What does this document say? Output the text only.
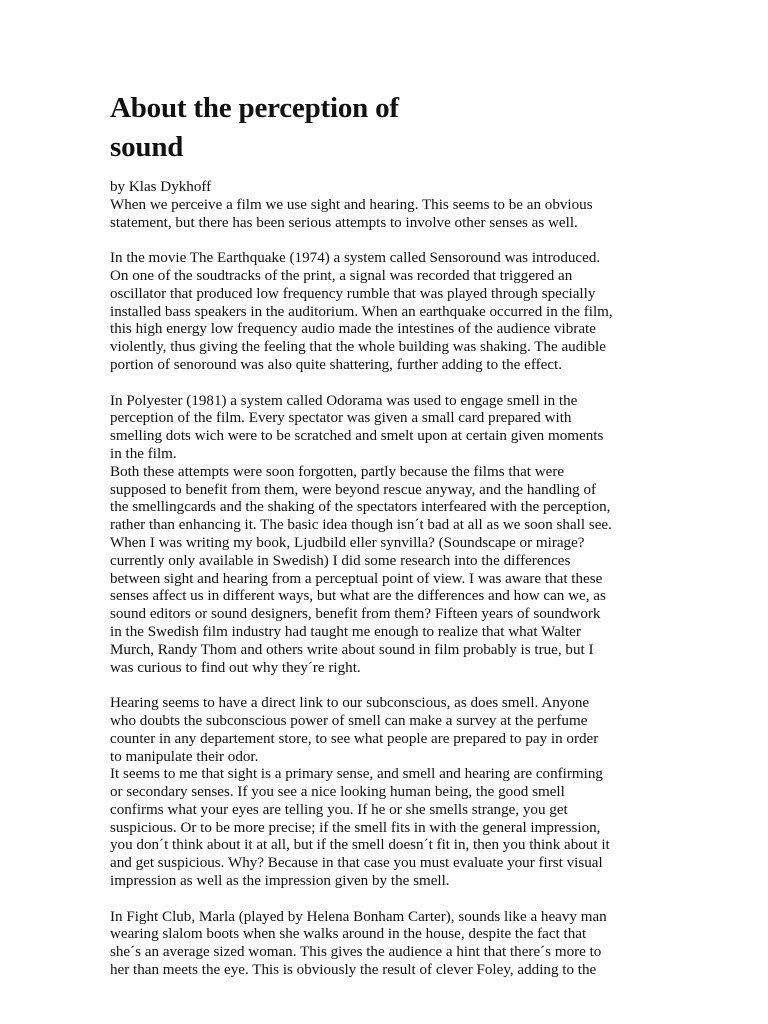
About the perception of
sound

by Klas Dykhoff

When we perceive a film we use sight and hearing. This seems to be an obvious
statement, but there has been serious attempts to involve other senses as well.

In the movie The Earthquake (1974) a system called Sensoround was introduced.
On one of the soudtracks of the print, a signal was recorded that triggered an
oscillator that produced low frequency rumble that was played through specially
installed bass speakers in the auditorium. When an earthquake occurred in the film,
this high energy low frequency audio made the intestines of the audience vibrate
violently, thus giving the feeling that the whole building was shaking. The audible
portion of senoround was also quite shattering, further adding to the effect.

In Polyester (1981) a system called Odorama was used to engage smell in the
perception of the film. Every spectator was given a small card prepared with
smelling dots wich were to be scratched and smelt upon at certain given moments
in the film.

Both these attempts were soon forgotten, partly because the films that were
supposed to benefit from them, were beyond rescue anyway, and the handling of
the smellingcards and the shaking of the spectators interfeared with the perception,
rather than enhancing it. The basic idea though isn´t bad at all as we soon shall see.
When I was writing my book, Ljudbild eller synvilla? (Soundscape or mirage?
currently only available in Swedish) I did some research into the differences
between sight and hearing from a perceptual point of view. I was aware that these
senses affect us in different ways, but what are the differences and how can we, as
sound editors or sound designers, benefit from them? Fifteen years of soundwork
in the Swedish film industry had taught me enough to realize that what Walter
Murch, Randy Thom and others write about sound in film probably is true, but I
was curious to find out why they´re right.

Hearing seems to have a direct link to our subconscious, as does smell. Anyone
who doubts the subconscious power of smell can make a survey at the perfume
counter in any departement store, to see what people are prepared to pay in order
to manipulate their odor.

It seems to me that sight is a primary sense, and smell and hearing are confirming
or secondary senses. If you see a nice looking human being, the good smell
confirms what your eyes are telling you. If he or she smells strange, you get
suspicious. Or to be more precise; if the smell fits in with the general impression,
you don´t think about it at all, but if the smell doesn´t fit in, then you think about it
and get suspicious. Why? Because in that case you must evaluate your first visual
impression as well as the impression given by the smell.

In Fight Club, Marla (played by Helena Bonham Carter), sounds like a heavy man
wearing slalom boots when she walks around in the house, despite the fact that
she´s an average sized woman. This gives the audience a hint that there´s more to
her than meets the eye. This is obviously the result of clever Foley, adding to the
